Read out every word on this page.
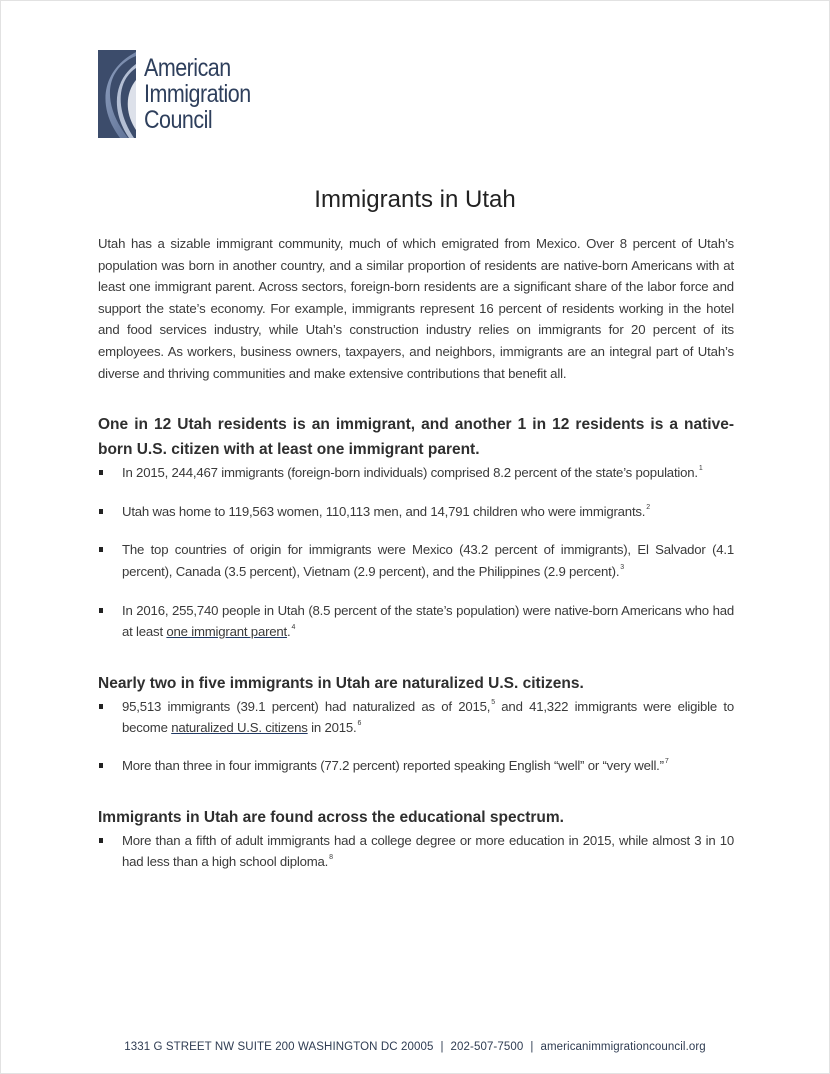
American
Immigration
Council
Immigrants in Utah

Utah has a sizable immigrant community, much of which emigrated from Mexico. Over 8 percent of Utah’s population was born in another country, and a similar proportion of residents are native-born Americans with at least one immigrant parent. Across sectors, foreign-born residents are a significant share of the labor force and support the state’s economy. For example, immigrants represent 16 percent of residents working in the hotel and food services industry, while Utah’s construction industry relies on immigrants for 20 percent of its employees. As workers, business owners, taxpayers, and neighbors, immigrants are an integral part of Utah’s diverse and thriving communities and make extensive contributions that benefit all.

One in 12 Utah residents is an immigrant, and another 1 in 12 residents is a native-born U.S. citizen with at least one immigrant parent.
In 2015, 244,467 immigrants (foreign-born individuals) comprised 8.2 percent of the state’s population.$^1$
Utah was home to 119,563 women, 110,113 men, and 14,791 children who were immigrants.$^2$
The top countries of origin for immigrants were Mexico (43.2 percent of immigrants), El Salvador (4.1 percent), Canada (3.5 percent), Vietnam (2.9 percent), and the Philippines (2.9 percent).$^3$
In 2016, 255,740 people in Utah (8.5 percent of the state’s population) were native-born Americans who had at least one immigrant parent.$^4$
Nearly two in five immigrants in Utah are naturalized U.S. citizens.
95,513 immigrants (39.1 percent) had naturalized as of 2015,$^5$ and 41,322 immigrants were eligible to become naturalized U.S. citizens in 2015.$^6$
More than three in four immigrants (77.2 percent) reported speaking English “well” or “very well.”$^7$
Immigrants in Utah are found across the educational spectrum.
More than a fifth of adult immigrants had a college degree or more education in 2015, while almost 3 in 10 had less than a high school diploma.$^8$
1331 G STREET NW SUITE 200 WASHINGTON DC 20005 | 202-507-7500 | americanimmigrationcouncil.org
